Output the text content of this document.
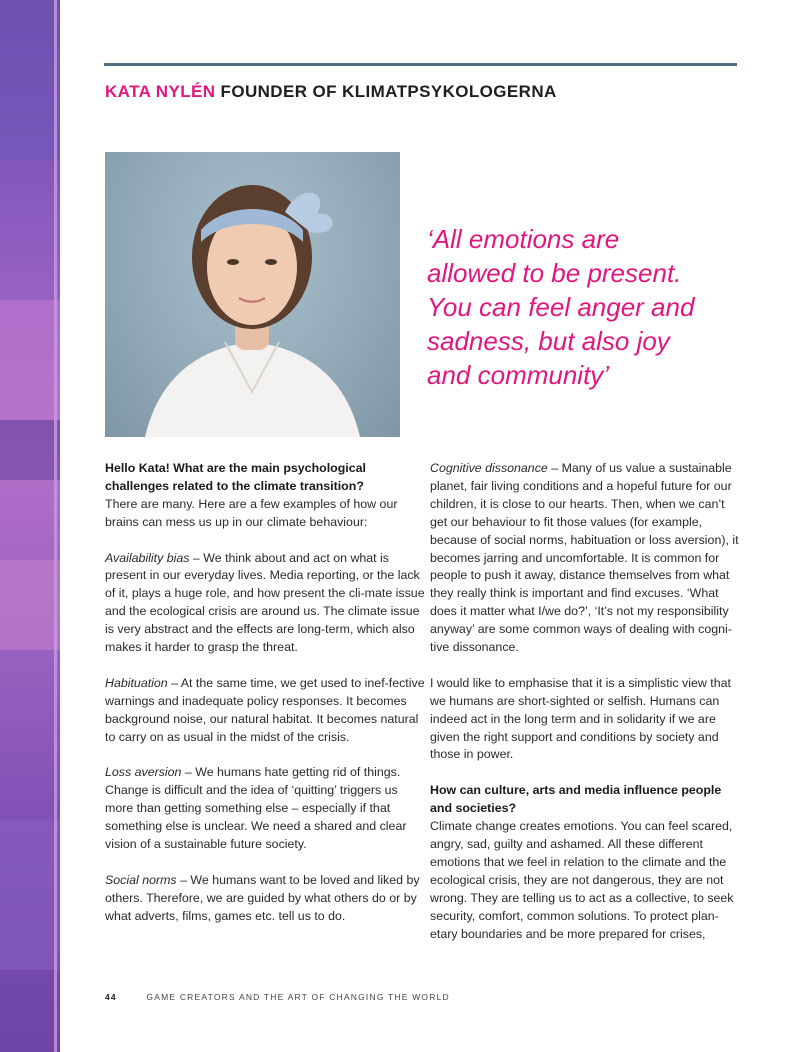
KATA NYLÉN FOUNDER OF KLIMATPSYKOLOGERNA
‘All emotions are
allowed to be present.
You can feel anger and
sadness, but also joy
and community’

Hello Kata! What are the main psychological challenges related to the climate transition?
There are many. Here are a few examples of how our brains can mess us up in our climate behaviour:

Availability bias – We think about and act on what is present in our everyday lives. Media reporting, or the lack of it, plays a huge role, and how present the cli-mate issue and the ecological crisis are around us. The climate issue is very abstract and the effects are long-term, which also makes it harder to grasp the threat.

Habituation – At the same time, we get used to inef-fective warnings and inadequate policy responses. It becomes background noise, our natural habitat. It becomes natural to carry on as usual in the midst of the crisis.

Loss aversion – We humans hate getting rid of things. Change is difficult and the idea of ‘quitting’ triggers us more than getting something else – especially if that something else is unclear. We need a shared and clear vision of a sustainable future society.

Social norms – We humans want to be loved and liked by others. Therefore, we are guided by what others do or by what adverts, films, games etc. tell us to do.

Cognitive dissonance – Many of us value a sustainable planet, fair living conditions and a hopeful future for our children, it is close to our hearts. Then, when we can’t get our behaviour to fit those values (for example, because of social norms, habituation or loss aversion), it becomes jarring and uncomfortable. It is common for people to push it away, distance themselves from what they really think is important and find excuses. ‘What does it matter what I/we do?’, ‘It’s not my responsibility anyway’ are some common ways of dealing with cogni-tive dissonance.

I would like to emphasise that it is a simplistic view that we humans are short-sighted or selfish. Humans can indeed act in the long term and in solidarity if we are given the right support and conditions by society and those in power.

How can culture, arts and media influence people and societies?
Climate change creates emotions. You can feel scared, angry, sad, guilty and ashamed. All these different emotions that we feel in relation to the climate and the ecological crisis, they are not dangerous, they are not wrong. They are telling us to act as a collective, to seek security, comfort, common solutions. To protect plan-etary boundaries and be more prepared for crises,

44	GAME CREATORS AND THE ART OF CHANGING THE WORLD
